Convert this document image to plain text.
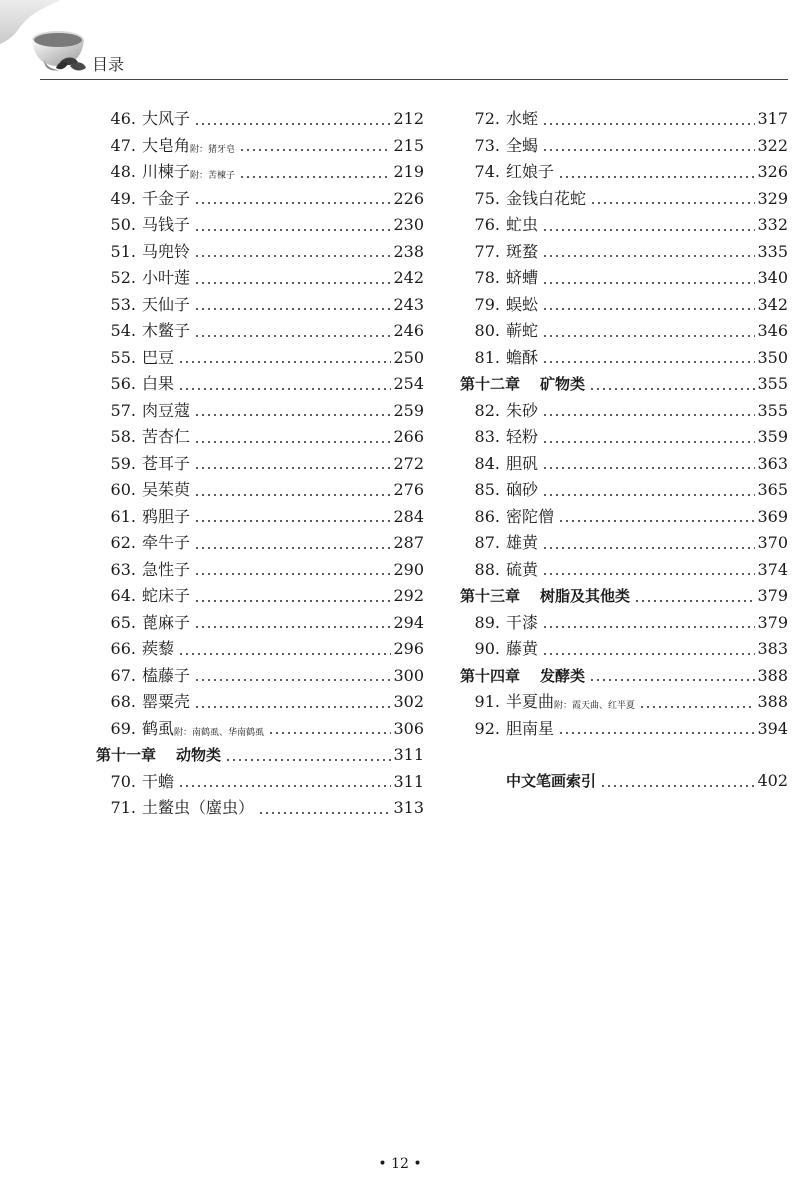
目录
46. 大风子	212
47. 大皂角 附：猪牙皂	215
48. 川楝子 附：苦楝子	219
49. 千金子	226
50. 马钱子	230
51. 马兜铃	238
52. 小叶莲	242
53. 天仙子	243
54. 木鳖子	246
55. 巴豆	250
56. 白果	254
57. 肉豆蔻	259
58. 苦杏仁	266
59. 苍耳子	272
60. 吴茱萸	276
61. 鸦胆子	284
62. 牵牛子	287
63. 急性子	290
64. 蛇床子	292
65. 蓖麻子	294
66. 蒺藜	296
67. 榼藤子	300
68. 罂粟壳	302
69. 鹤虱 附：南鹤虱、华南鹤虱	306
第十一章 动物类	311
70. 干蟾	311
71. 土鳖虫（䗪虫）	313
72. 水蛭	317
73. 全蝎	322
74. 红娘子	326
75. 金钱白花蛇	329
76. 虻虫	332
77. 斑蝥	335
78. 蛴螬	340
79. 蜈蚣	342
80. 蕲蛇	346
81. 蟾酥	350
第十二章 矿物类	355
82. 朱砂	355
83. 轻粉	359
84. 胆矾	363
85. 硇砂	365
86. 密陀僧	369
87. 雄黄	370
88. 硫黄	374
第十三章 树脂及其他类	379
89. 干漆	379
90. 藤黄	383
第十四章 发酵类	388
91. 半夏曲 附：霞天曲、红半夏	388
92. 胆南星	394
中文笔画索引	402
• 12 •
